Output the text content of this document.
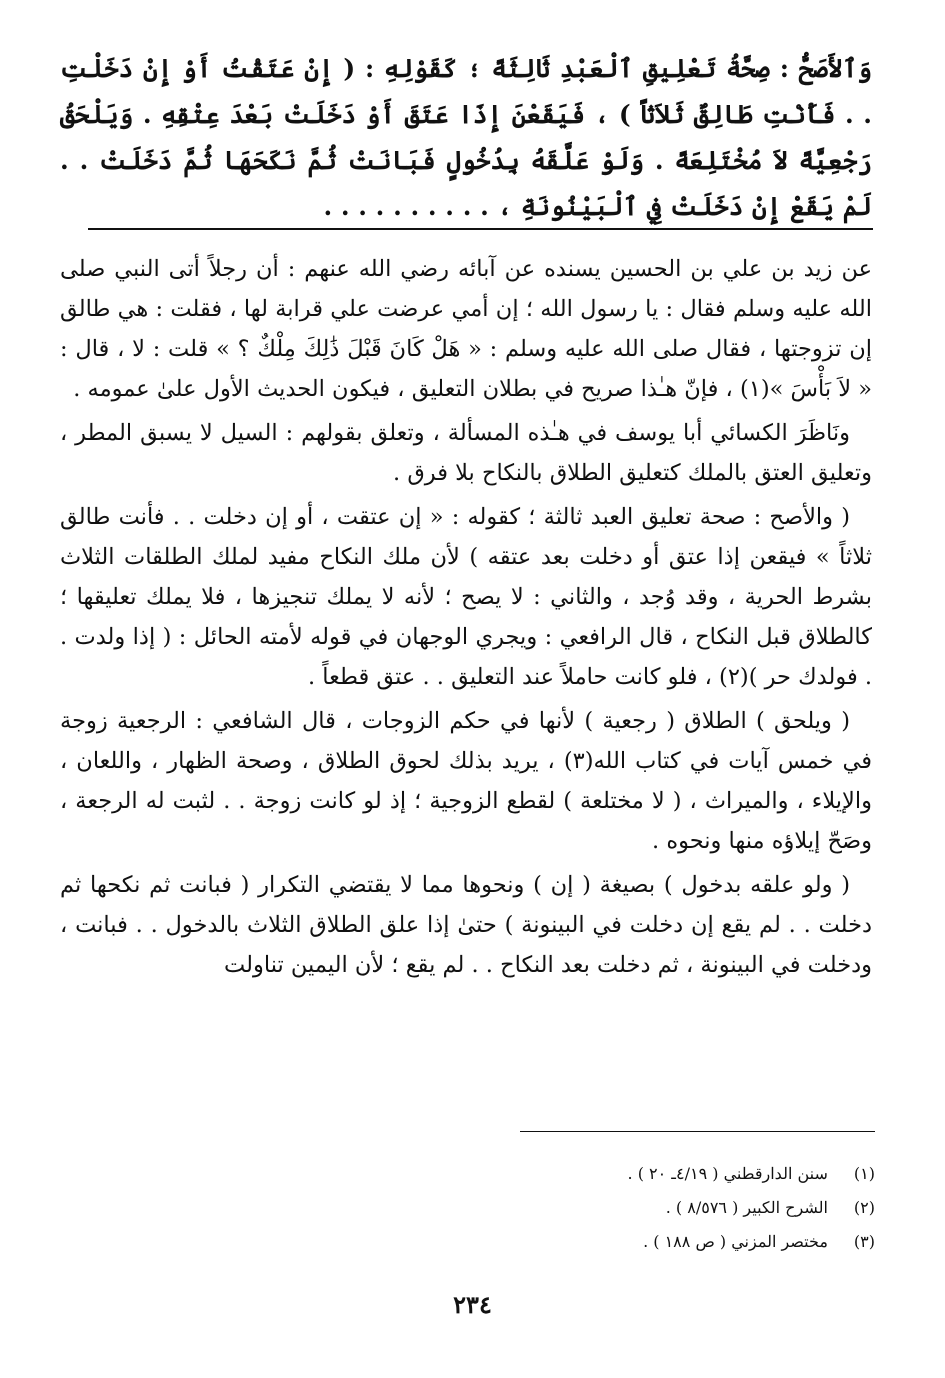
وَٱلأَصَحُّ : صِحَّةُ تَعْلِيقِ ٱلْعَبْدِ ثَالِثَةً ؛ كَقَوْلِهِ : ( إِنْ عَتَقْتُ أَوْ إِنْ دَخَلْتِ . . فَأَنْتِ طَالِقٌ ثَلاَثاً ) ، فَيَقَعْنَ إِذَا عَتَقَ أَوْ دَخَلَتْ بَعْدَ عِتْقِهِ . وَيَلْحَقُ رَجْعِيَّةً لاَ مُخْتَلِعَةً . وَلَوْ عَلَّقَهُ بِدُخُولٍ فَبَانَتْ ثُمَّ نَكَحَهَا ثُمَّ دَخَلَتْ . . لَمْ يَقَعْ إِنْ دَخَلَتْ فِي ٱلْبَيْنُونَةِ ، . . . . . . . . . .

عن زيد بن علي بن الحسين يسنده عن آبائه رضي الله عنهم : أن رجلاً أتى النبي صلى الله عليه وسلم فقال : يا رسول الله ؛ إن أمي عرضت علي قرابة لها ، فقلت : هي طالق إن تزوجتها ، فقال صلى الله عليه وسلم : « هَلْ كَانَ قَبْلَ ذَٰلِكَ مِلْكٌ ؟ » قلت : لا ، قال : « لاَ بَأْسَ »(١) ، فإنّ هـٰذا صريح في بطلان التعليق ، فيكون الحديث الأول علىٰ عمومه .

ونَاظَرَ الكسائي أبا يوسف في هـٰذه المسألة ، وتعلق بقولهم : السيل لا يسبق المطر ، وتعليق العتق بالملك كتعليق الطلاق بالنكاح بلا فرق .

( والأصح : صحة تعليق العبد ثالثة ؛ كقوله : « إن عتقت ، أو إن دخلت . . فأنت طالق ثلاثاً » فيقعن إذا عتق أو دخلت بعد عتقه ) لأن ملك النكاح مفيد لملك الطلقات الثلاث بشرط الحرية ، وقد وُجد ، والثاني : لا يصح ؛ لأنه لا يملك تنجيزها ، فلا يملك تعليقها ؛ كالطلاق قبل النكاح ، قال الرافعي : ويجري الوجهان في قوله لأمته الحائل : ( إذا ولدت . . فولدك حر )(٢) ، فلو كانت حاملاً عند التعليق . . عتق قطعاً .

( ويلحق ) الطلاق ( رجعية ) لأنها في حكم الزوجات ، قال الشافعي : الرجعية زوجة في خمس آيات في كتاب الله(٣) ، يريد بذلك لحوق الطلاق ، وصحة الظهار ، واللعان ، والإيلاء ، والميراث ، ( لا مختلعة ) لقطع الزوجية ؛ إذ لو كانت زوجة . . لثبت له الرجعة ، وصَحّ إيلاؤه منها ونحوه .

( ولو علقه بدخول ) بصيغة ( إن ) ونحوها مما لا يقتضي التكرار ( فبانت ثم نكحها ثم دخلت . . لم يقع إن دخلت في البينونة ) حتىٰ إذا علق الطلاق الثلاث بالدخول . . فبانت ، ودخلت في البينونة ، ثم دخلت بعد النكاح . . لم يقع ؛ لأن اليمين تناولت

(١) سنن الدارقطني ( ٤/١٩ـ ٢٠ ) .
(٢) الشرح الكبير ( ٨/٥٧٦ ) .
(٣) مختصر المزني ( ص ١٨٨ ) .
٢٣٤
